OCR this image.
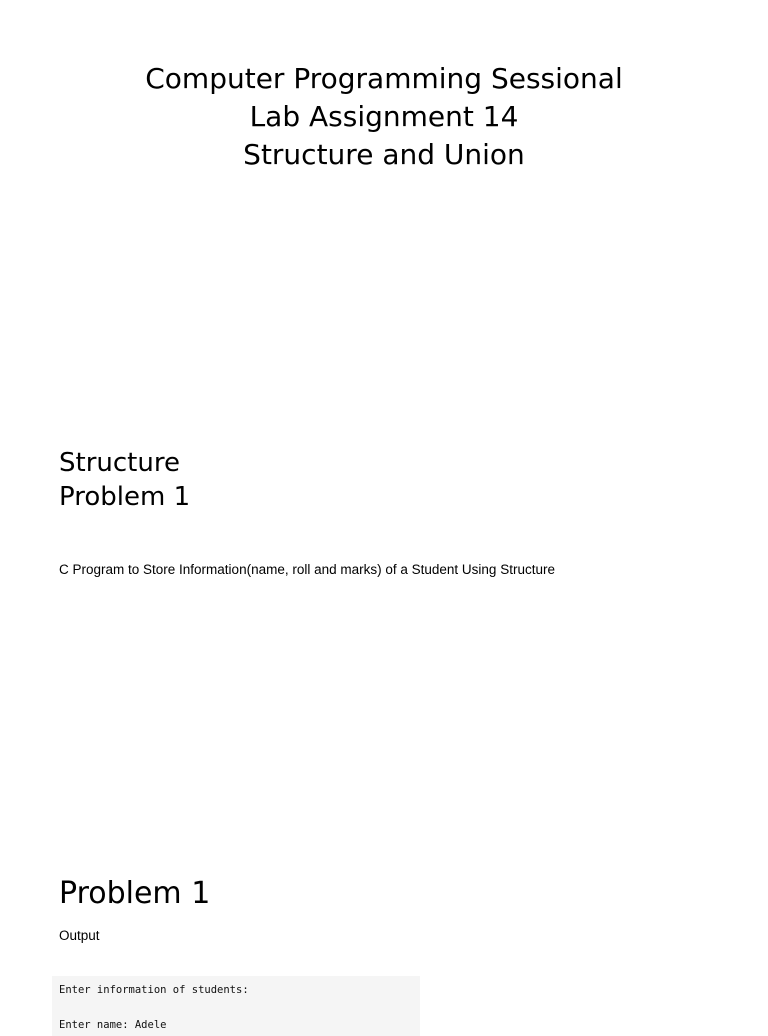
Computer Programming Sessional
Lab Assignment 14
Structure and Union
Structure
Problem 1
C Program to Store Information(name, roll and marks) of a Student Using Structure
Problem 1
Output
Enter information of students:
Enter name: Adele
